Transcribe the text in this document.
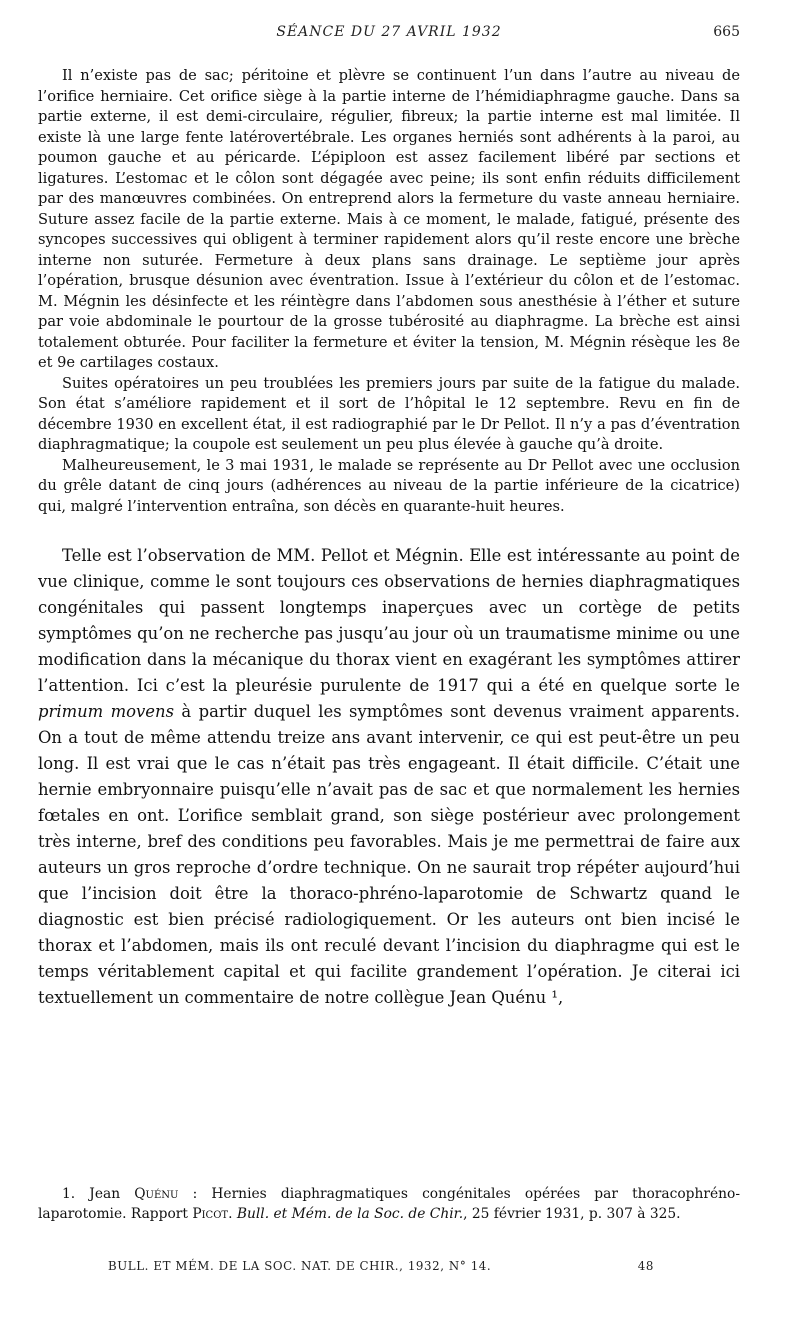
SÉANCE DU 27 AVRIL 1932	665

Il n’existe pas de sac; péritoine et plèvre se continuent l’un dans l’autre au niveau de l’orifice herniaire. Cet orifice siège à la partie interne de l’hémidiaphragme gauche. Dans sa partie externe, il est demi-circulaire, régulier, fibreux; la partie interne est mal limitée. Il existe là une large fente latérovertébrale. Les organes herniés sont adhérents à la paroi, au poumon gauche et au péricarde. L’épiploon est assez facilement libéré par sections et ligatures. L’estomac et le côlon sont dégagée avec peine; ils sont enfin réduits difficilement par des manœuvres combinées. On entreprend alors la fermeture du vaste anneau herniaire. Suture assez facile de la partie externe. Mais à ce moment, le malade, fatigué, présente des syncopes successives qui obligent à terminer rapidement alors qu’il reste encore une brèche interne non suturée. Fermeture à deux plans sans drainage. Le septième jour après l’opération, brusque désunion avec éventration. Issue à l’extérieur du côlon et de l’estomac. M. Mégnin les désinfecte et les réintègre dans l’abdomen sous anesthésie à l’éther et suture par voie abdominale le pourtour de la grosse tubérosité au diaphragme. La brèche est ainsi totalement obturée. Pour faciliter la fermeture et éviter la tension, M. Mégnin résèque les 8e et 9e cartilages costaux.

Suites opératoires un peu troublées les premiers jours par suite de la fatigue du malade. Son état s’améliore rapidement et il sort de l’hôpital le 12 septembre. Revu en fin de décembre 1930 en excellent état, il est radiographié par le Dr Pellot. Il n’y a pas d’éventration diaphragmatique; la coupole est seulement un peu plus élevée à gauche qu’à droite.

Malheureusement, le 3 mai 1931, le malade se représente au Dr Pellot avec une occlusion du grêle datant de cinq jours (adhérences au niveau de la partie inférieure de la cicatrice) qui, malgré l’intervention entraîna, son décès en quarante-huit heures.

Telle est l’observation de MM. Pellot et Mégnin. Elle est intéressante au point de vue clinique, comme le sont toujours ces observations de hernies diaphragmatiques congénitales qui passent longtemps inaperçues avec un cortège de petits symptômes qu’on ne recherche pas jusqu’au jour où un traumatisme minime ou une modification dans la mécanique du thorax vient en exagérant les symptômes attirer l’attention. Ici c’est la pleurésie purulente de 1917 qui a été en quelque sorte le primum movens à partir duquel les symptômes sont devenus vraiment apparents. On a tout de même attendu treize ans avant intervenir, ce qui est peut-être un peu long. Il est vrai que le cas n’était pas très engageant. Il était difficile. C’était une hernie embryonnaire puisqu’elle n’avait pas de sac et que normalement les hernies fœtales en ont. L’orifice semblait grand, son siège postérieur avec prolongement très interne, bref des conditions peu favorables. Mais je me permettrai de faire aux auteurs un gros reproche d’ordre technique. On ne saurait trop répéter aujourd’hui que l’incision doit être la thoraco-phréno-laparotomie de Schwartz quand le diagnostic est bien précisé radiologiquement. Or les auteurs ont bien incisé le thorax et l’abdomen, mais ils ont reculé devant l’incision du diaphragme qui est le temps véritablement capital et qui facilite grandement l’opération. Je citerai ici textuellement un commentaire de notre collègue Jean Quénu ¹,

1. Jean Quénu : Hernies diaphragmatiques congénitales opérées par thoracophréno-laparotomie. Rapport Picot. Bull. et Mém. de la Soc. de Chir., 25 février 1931, p. 307 à 325.

BULL. ET MÉM. DE LA SOC. NAT. DE CHIR., 1932, N° 14.	48
